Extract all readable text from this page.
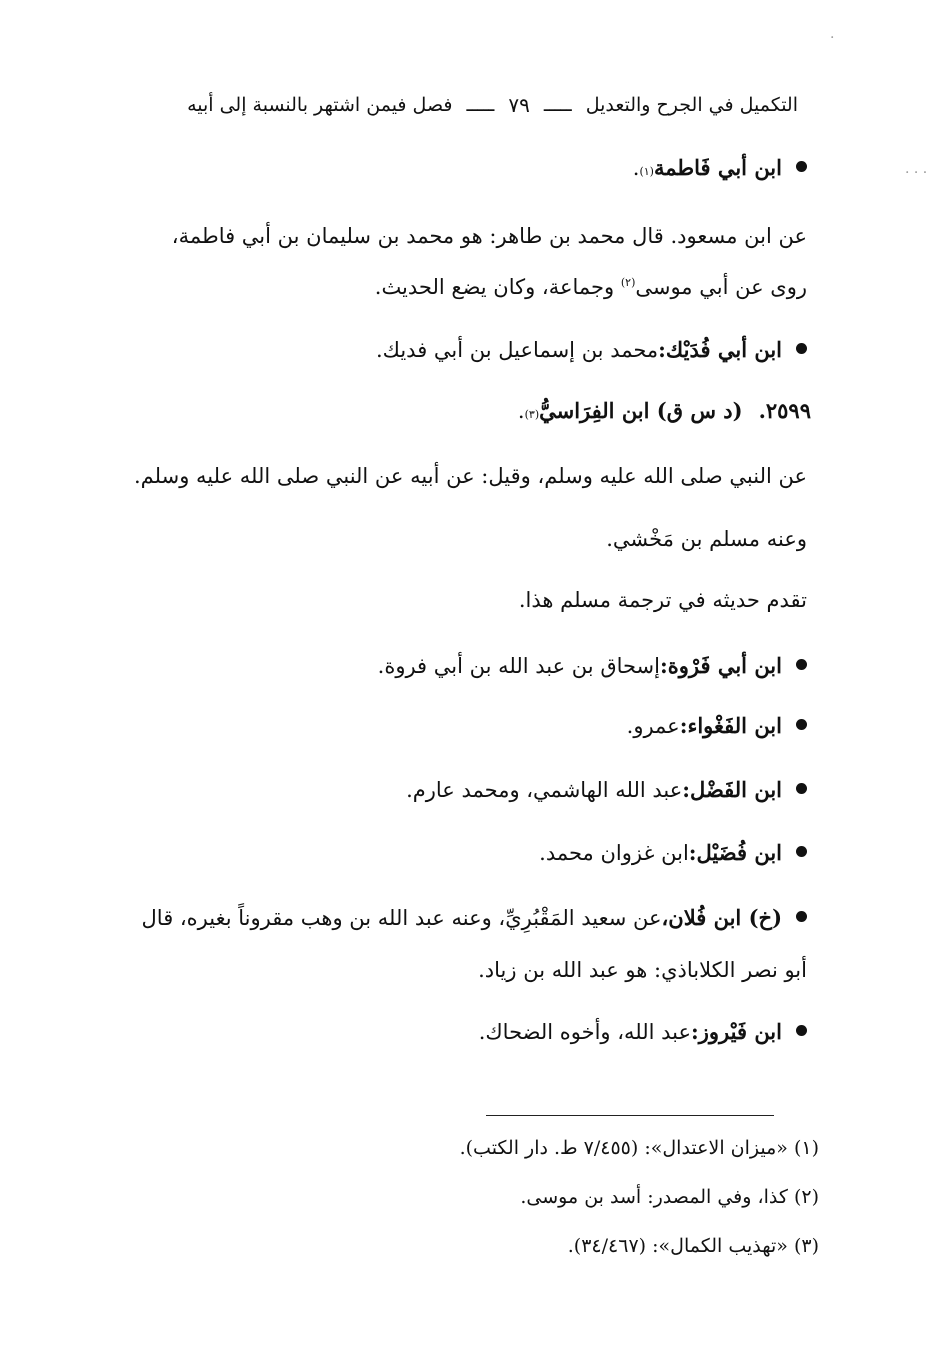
·
· · ·
التكميل في الجرح والتعديل
ـــــ
٧٩
ـــــ
فصل فيمن اشتهر بالنسبة إلى أبيه
ابن أبي فَاطمة
(١)
.
عن ابن مسعود. قال محمد بن طاهر: هو محمد بن سليمان بن أبي فاطمة،
روى عن أبي موسى$^{(٢)}$ وجماعة، وكان يضع الحديث.
ابن أبي فُدَيْك:
محمد بن إسماعيل بن أبي فديك.
٢٥٩٩.
(د س ق) ابن الفِرَاسيُّ
(٣)
.
عن النبي صلى الله عليه وسلم، وقيل: عن أبيه عن النبي صلى الله عليه وسلم.
وعنه مسلم بن مَخْشي.
تقدم حديثه في ترجمة مسلم هذا.
ابن أبي فَرْوة:
إسحاق بن عبد الله بن أبي فروة.
ابن الفَغْواء:
عمرو.
ابن الفَضْل:
عبد الله الهاشمي، ومحمد عارم.
ابن فُضَيْل:
ابن غزوان محمد.
(خ) ابن فُلان،
عن سعيد المَقْبُرِيِّ، وعنه عبد الله بن وهب مقروناً بغيره، قال
أبو نصر الكلاباذي: هو عبد الله بن زياد.
ابن فَيْروز:
عبد الله، وأخوه الضحاك.
(١) «ميزان الاعتدال»: (٧/٤٥٥ ط. دار الكتب).
(٢) كذا، وفي المصدر: أسد بن موسى.
(٣) «تهذيب الكمال»: (٣٤/٤٦٧).
